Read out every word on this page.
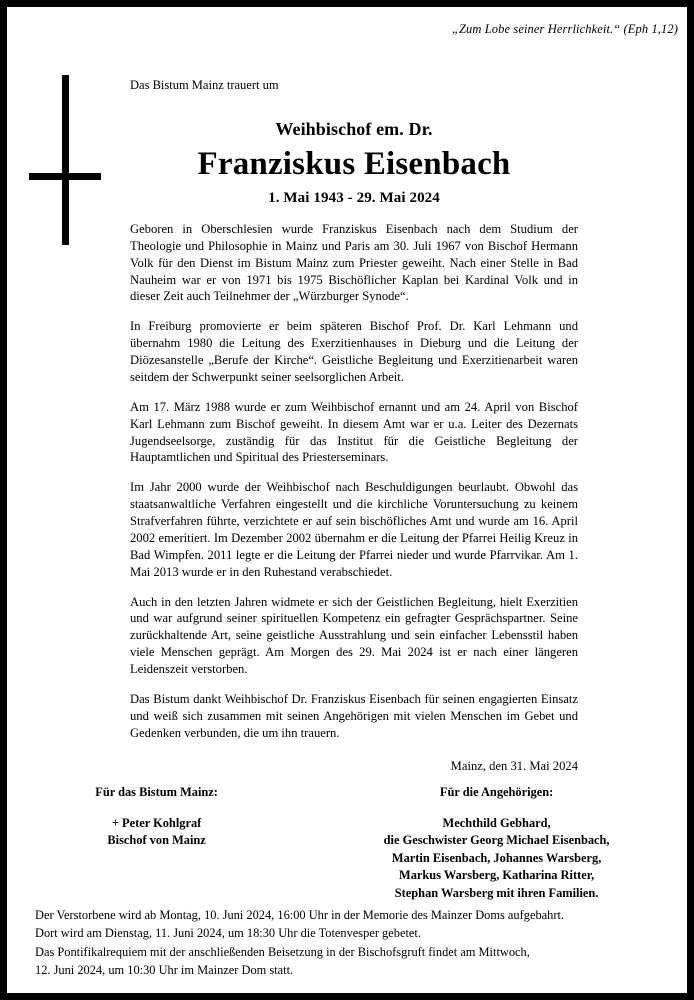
„Zum Lobe seiner Herrlichkeit.“ (Eph 1,12)

Das Bistum Mainz trauert um

Weihbischof em. Dr.
Franziskus Eisenbach
1. Mai 1943 - 29. Mai 2024

Geboren in Oberschlesien wurde Franziskus Eisenbach nach dem Studium der Theologie und Philosophie in Mainz und Paris am 30. Juli 1967 von Bischof Hermann Volk für den Dienst im Bistum Mainz zum Priester geweiht. Nach einer Stelle in Bad Nauheim war er von 1971 bis 1975 Bischöflicher Kaplan bei Kardinal Volk und in dieser Zeit auch Teilnehmer der „Würzburger Synode“.

In Freiburg promovierte er beim späteren Bischof Prof. Dr. Karl Lehmann und übernahm 1980 die Leitung des Exerzitienhauses in Dieburg und die Leitung der Diözesanstelle „Berufe der Kirche“. Geistliche Begleitung und Exerzitienarbeit waren seitdem der Schwerpunkt seiner seelsorglichen Arbeit.

Am 17. März 1988 wurde er zum Weihbischof ernannt und am 24. April von Bischof Karl Lehmann zum Bischof geweiht. In diesem Amt war er u.a. Leiter des Dezernats Jugendseelsorge, zuständig für das Institut für die Geistliche Begleitung der Hauptamtlichen und Spiritual des Priesterseminars.

Im Jahr 2000 wurde der Weihbischof nach Beschuldigungen beurlaubt. Obwohl das staatsanwaltliche Verfahren eingestellt und die kirchliche Voruntersuchung zu keinem Strafverfahren führte, verzichtete er auf sein bischöfliches Amt und wurde am 16. April 2002 emeritiert. Im Dezember 2002 übernahm er die Leitung der Pfarrei Heilig Kreuz in Bad Wimpfen. 2011 legte er die Leitung der Pfarrei nieder und wurde Pfarrvikar. Am 1. Mai 2013 wurde er in den Ruhestand verabschiedet.

Auch in den letzten Jahren widmete er sich der Geistlichen Begleitung, hielt Exerzitien und war aufgrund seiner spirituellen Kompetenz ein gefragter Gesprächspartner. Seine zurückhaltende Art, seine geistliche Ausstrahlung und sein einfacher Lebensstil haben viele Menschen geprägt. Am Morgen des 29. Mai 2024 ist er nach einer längeren Leidenszeit verstorben.

Das Bistum dankt Weihbischof Dr. Franziskus Eisenbach für seinen engagierten Einsatz und weiß sich zusammen mit seinen Angehörigen mit vielen Menschen im Gebet und Gedenken verbunden, die um ihn trauern.

Mainz, den 31. Mai 2024

Für das Bistum Mainz:
+ Peter Kohlgraf
Bischof von Mainz
Für die Angehörigen:
Mechthild Gebhard,
die Geschwister Georg Michael Eisenbach,
Martin Eisenbach, Johannes Warsberg,
Markus Warsberg, Katharina Ritter,
Stephan Warsberg mit ihren Familien.

Der Verstorbene wird ab Montag, 10. Juni 2024, 16:00 Uhr in der Memorie des Mainzer Doms aufgebahrt.

Dort wird am Dienstag, 11. Juni 2024, um 18:30 Uhr die Totenvesper gebetet.

Das Pontifikalrequiem mit der anschließenden Beisetzung in der Bischofsgruft findet am Mittwoch,

12. Juni 2024, um 10:30 Uhr im Mainzer Dom statt.
